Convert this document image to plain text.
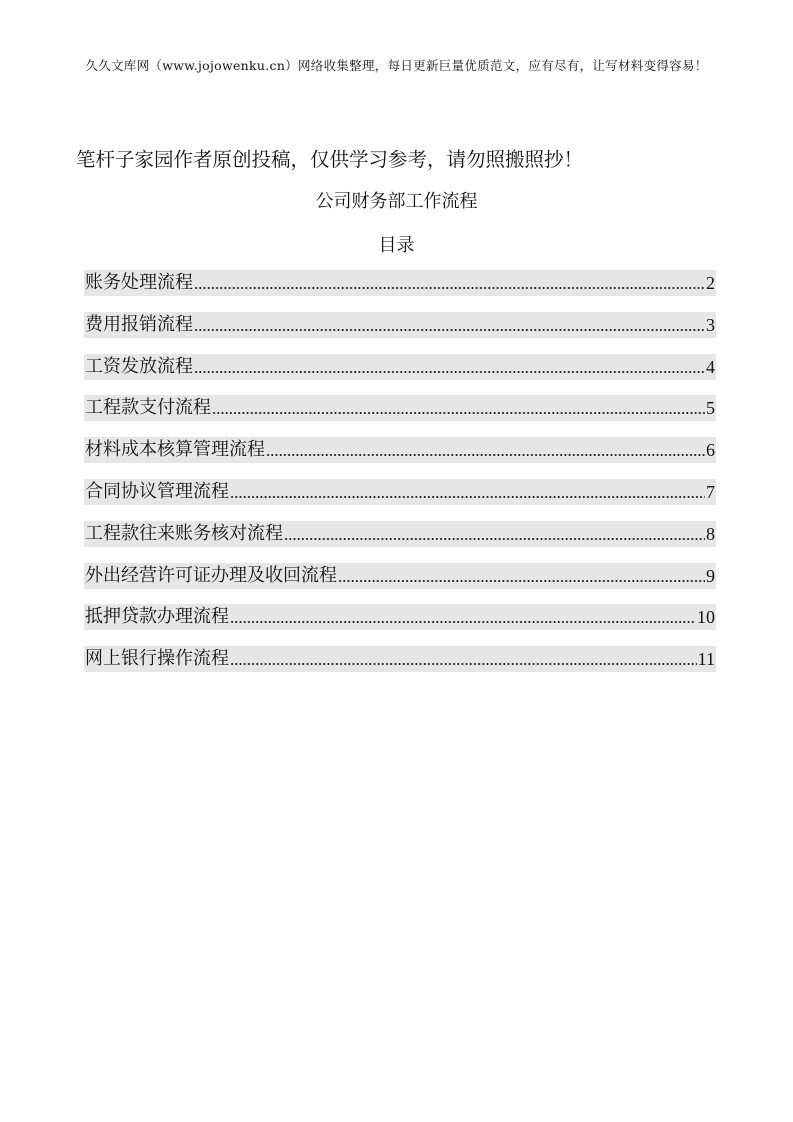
久久文库网（www.jojowenku.cn）网络收集整理，每日更新巨量优质范文，应有尽有，让写材料变得容易！
笔杆子家园作者原创投稿，仅供学习参考，请勿照搬照抄！
公司财务部工作流程
目录
账务处理流程	2
费用报销流程	3
工资发放流程	4
工程款支付流程	5
材料成本核算管理流程	6
合同协议管理流程	7
工程款往来账务核对流程	8
外出经营许可证办理及收回流程	9
抵押贷款办理流程	10
网上银行操作流程	11
